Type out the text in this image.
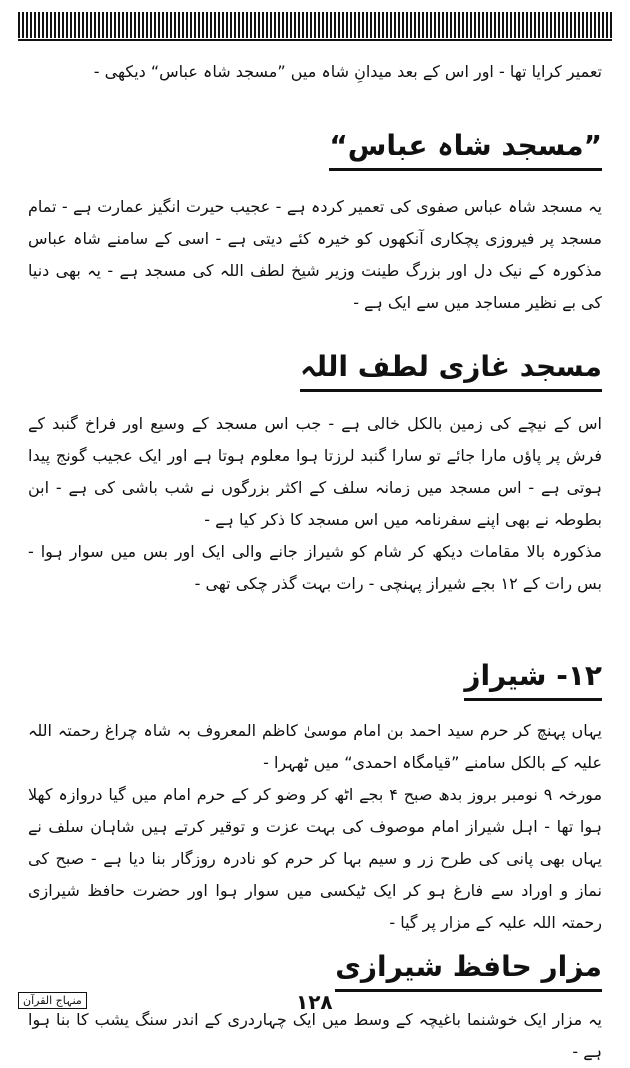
تعمیر کرایا تھا - اور اس کے بعد میدانِ شاہ میں ”مسجد شاہ عباس“ دیکھی -

”مسجد شاہ عباس“

یہ مسجد شاہ عباس صفوی کی تعمیر کردہ ہے - عجیب حیرت انگیز عمارت ہے - تمام مسجد پر فیروزی پچکاری آنکھوں کو خیرہ کئے دیتی ہے - اسی کے سامنے شاہ عباس مذکورہ کے نیک دل اور بزرگ طینت وزیر شیخ لطف اللہ کی مسجد ہے - یہ بھی دنیا کی بے نظیر مساجد میں سے ایک ہے -

مسجد غازی لطف اللہ

اس کے نیچے کی زمین بالکل خالی ہے - جب اس مسجد کے وسیع اور فراخ گنبد کے فرش پر پاؤں مارا جائے تو سارا گنبد لرزتا ہوا معلوم ہوتا ہے اور ایک عجیب گونج پیدا ہوتی ہے - اس مسجد میں زمانہ سلف کے اکثر بزرگوں نے شب باشی کی ہے - ابن بطوطہ نے بھی اپنے سفرنامہ میں اس مسجد کا ذکر کیا ہے -

مذکورہ بالا مقامات دیکھ کر شام کو شیراز جانے والی ایک اور بس میں سوار ہوا - بس رات کے ۱۲ بجے شیراز پہنچی - رات بہت گذر چکی تھی -

۱۲- شیراز

یہاں پہنچ کر حرم سید احمد بن امام موسیٰ کاظم المعروف بہ شاہ چراغ رحمتہ اللہ علیہ کے بالکل سامنے ”قیامگاہ احمدی“ میں ٹھہرا -

مورخہ ۹ نومبر بروز بدھ صبح ۴ بجے اٹھ کر وضو کر کے حرم امام میں گیا دروازہ کھلا ہوا تھا - اہل شیراز امام موصوف کی بہت عزت و توقیر کرتے ہیں شاہان سلف نے یہاں بھی پانی کی طرح زر و سیم بہا کر حرم کو نادرہ روزگار بنا دیا ہے - صبح کی نماز و اوراد سے فارغ ہو کر ایک ٹیکسی میں سوار ہوا اور حضرت حافظ شیرازی رحمتہ اللہ علیہ کے مزار پر گیا -

مزار حافظ شیرازی

یہ مزار ایک خوشنما باغیچہ کے وسط میں ایک چہاردری کے اندر سنگ یشب کا بنا ہوا ہے -

منہاج القرآن	۱۲۸
